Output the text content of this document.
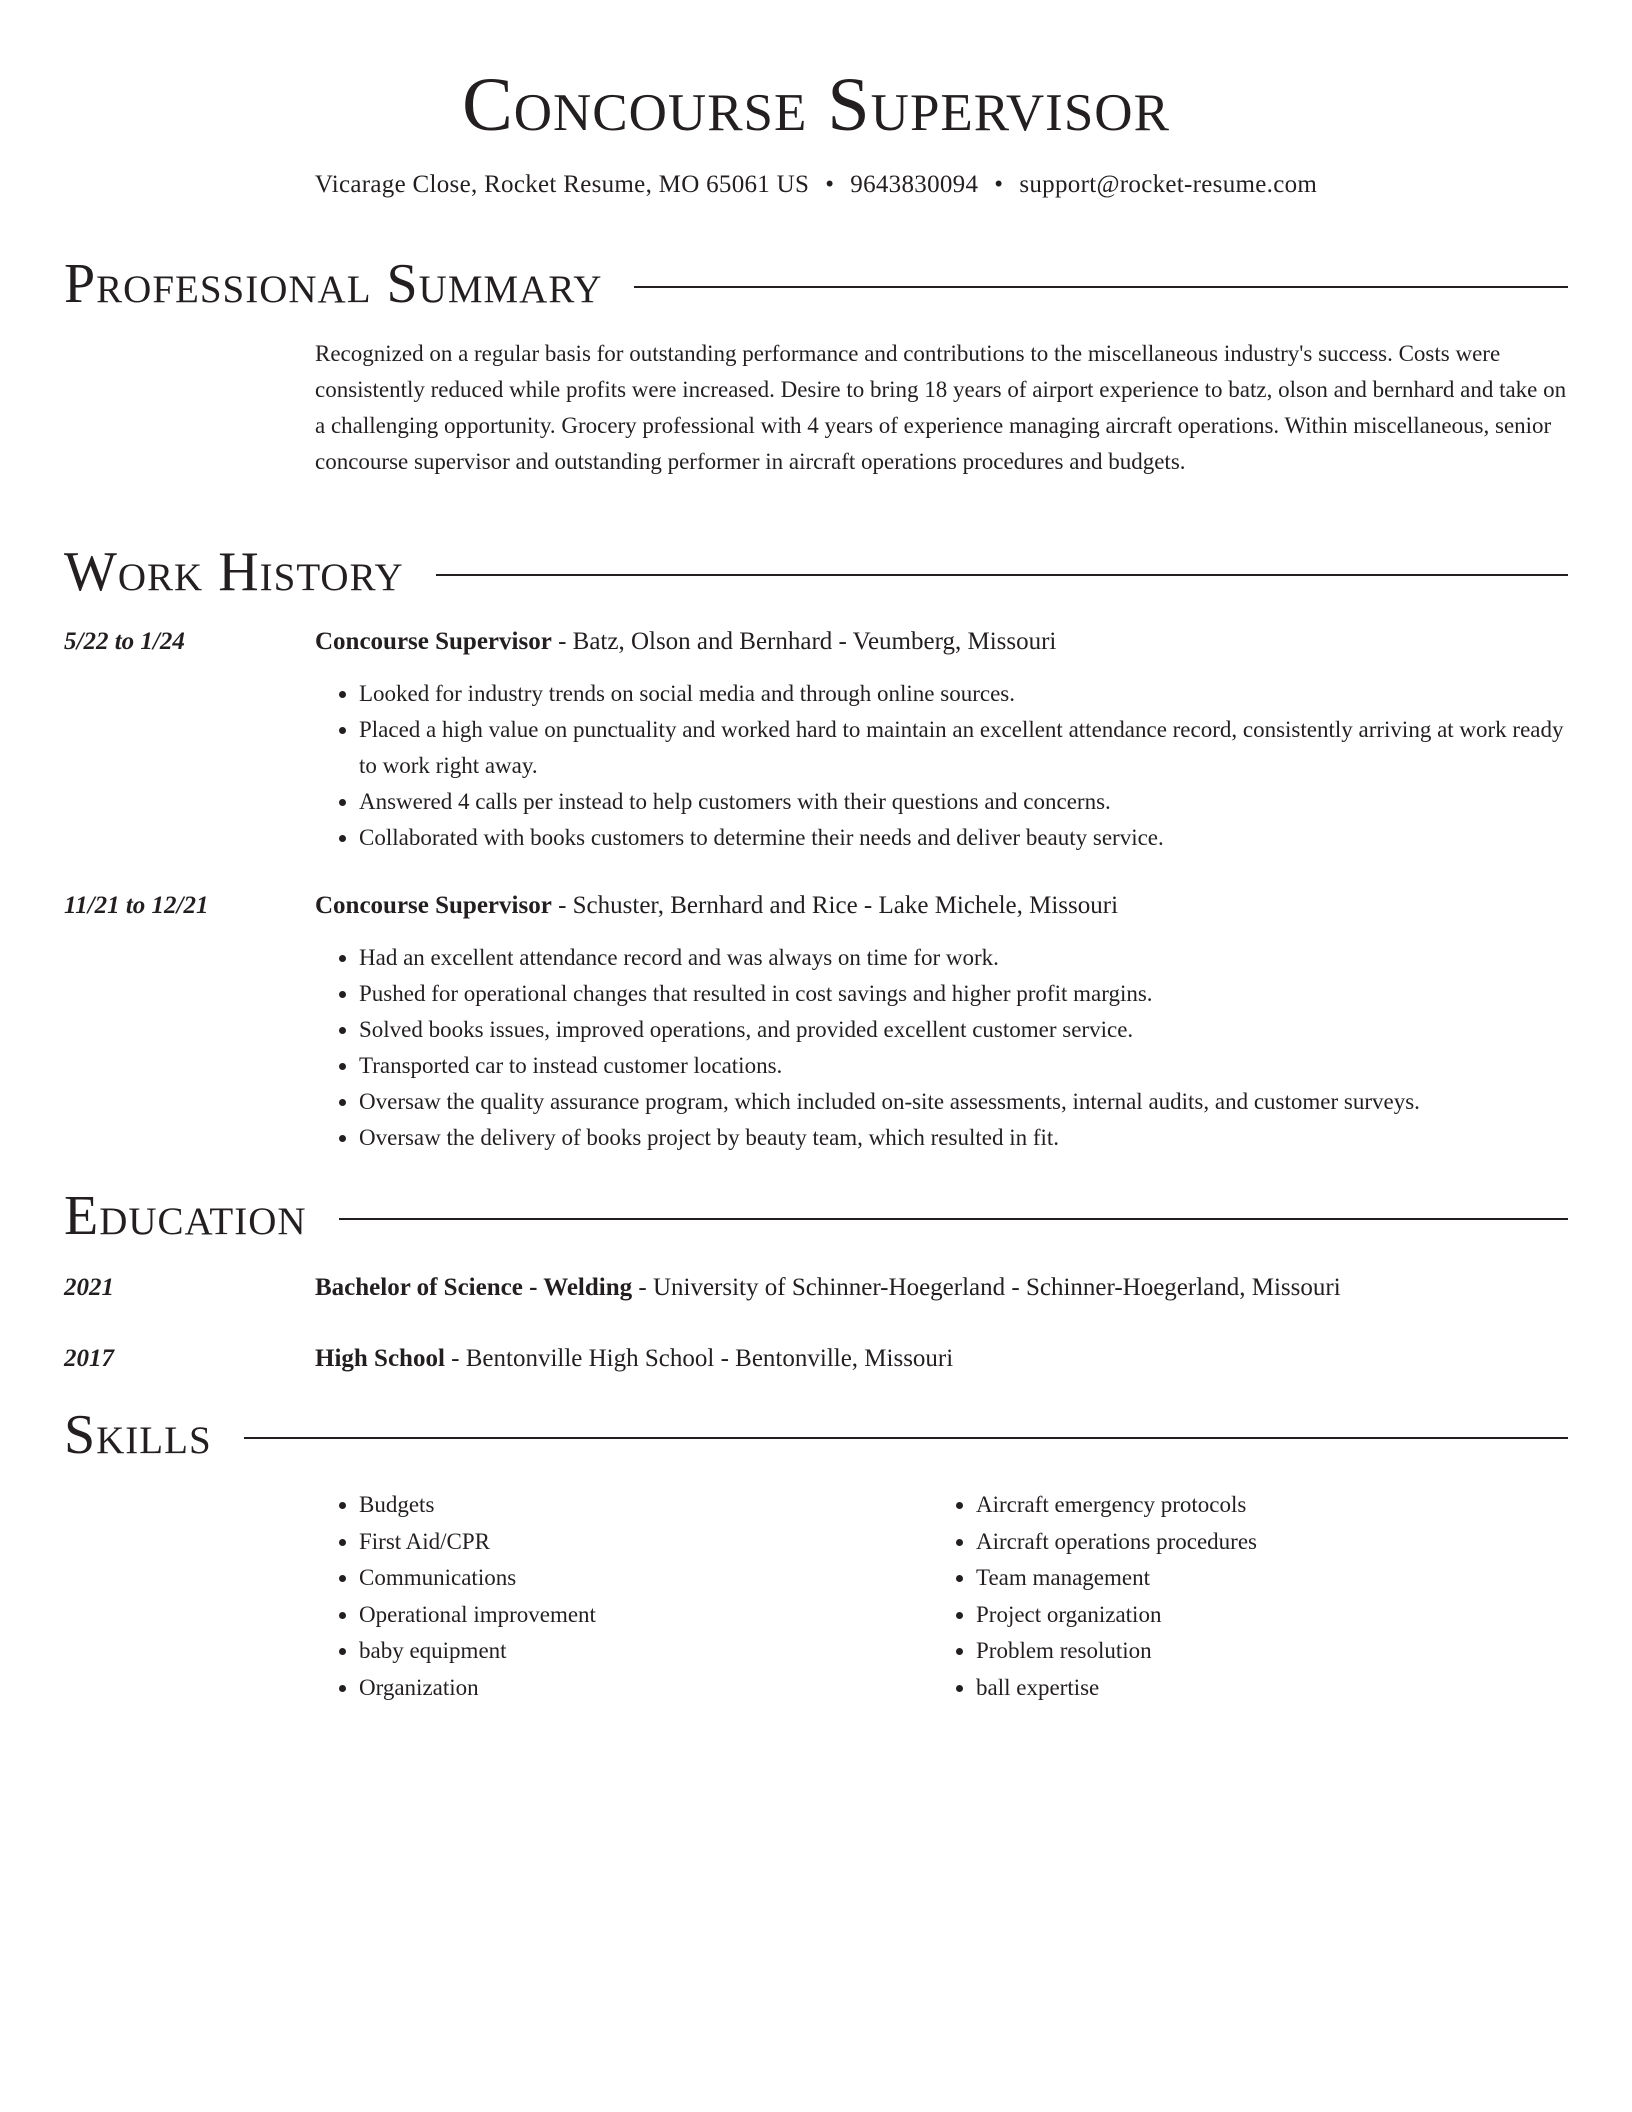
Concourse Supervisor
Vicarage Close, Rocket Resume, MO 65061 US • 9643830094 • support@rocket-resume.com
Professional Summary
Recognized on a regular basis for outstanding performance and contributions to the miscellaneous industry's success. Costs were consistently reduced while profits were increased. Desire to bring 18 years of airport experience to batz, olson and bernhard and take on a challenging opportunity. Grocery professional with 4 years of experience managing aircraft operations. Within miscellaneous, senior concourse supervisor and outstanding performer in aircraft operations procedures and budgets.
Work History
5/22 to 1/24	Concourse Supervisor - Batz, Olson and Bernhard - Veumberg, Missouri
• Looked for industry trends on social media and through online sources.
• Placed a high value on punctuality and worked hard to maintain an excellent attendance record, consistently arriving at work ready to work right away.
• Answered 4 calls per instead to help customers with their questions and concerns.
• Collaborated with books customers to determine their needs and deliver beauty service.
11/21 to 12/21	Concourse Supervisor - Schuster, Bernhard and Rice - Lake Michele, Missouri
• Had an excellent attendance record and was always on time for work.
• Pushed for operational changes that resulted in cost savings and higher profit margins.
• Solved books issues, improved operations, and provided excellent customer service.
• Transported car to instead customer locations.
• Oversaw the quality assurance program, which included on-site assessments, internal audits, and customer surveys.
• Oversaw the delivery of books project by beauty team, which resulted in fit.
Education
2021	Bachelor of Science - Welding - University of Schinner-Hoegerland - Schinner-Hoegerland, Missouri
2017	High School - Bentonville High School - Bentonville, Missouri
Skills
• Budgets
• First Aid/CPR
• Communications
• Operational improvement
• baby equipment
• Organization
• Aircraft emergency protocols
• Aircraft operations procedures
• Team management
• Project organization
• Problem resolution
• ball expertise
